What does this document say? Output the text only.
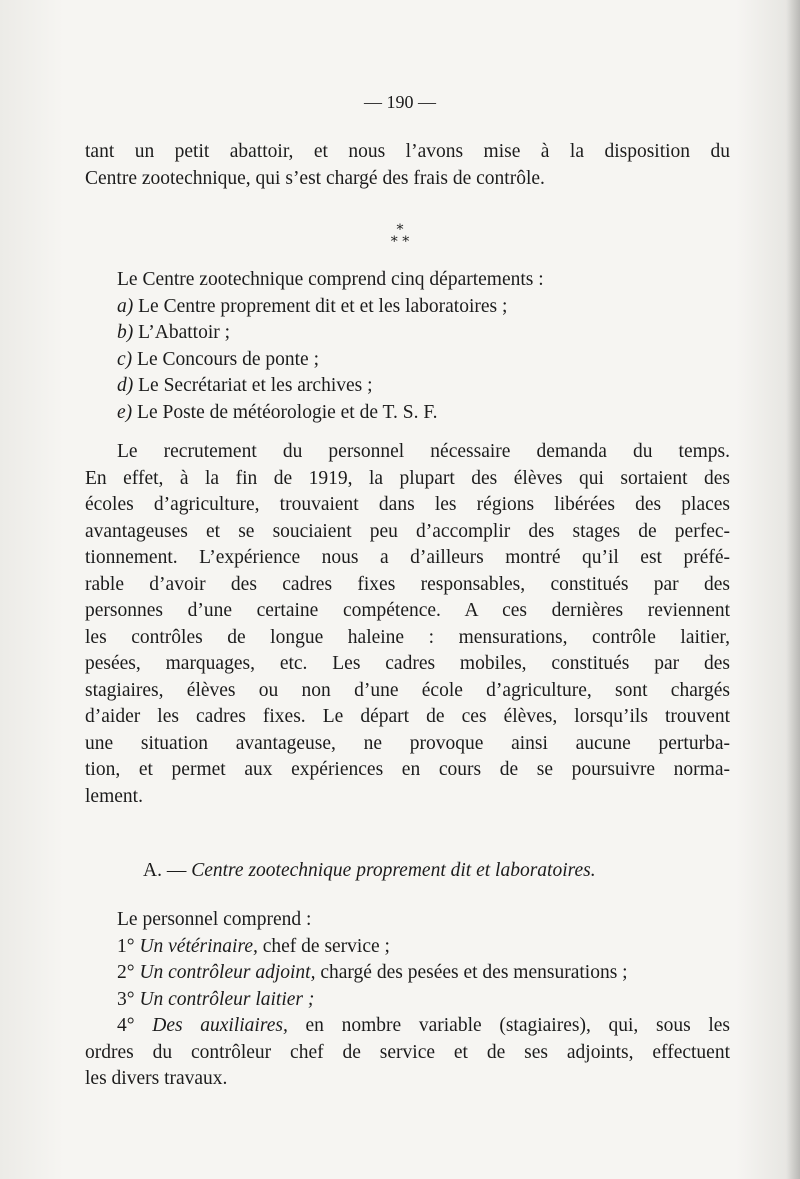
— 190 —
tant un petit abattoir, et nous l’avons mise à la disposition du
Centre zootechnique, qui s’est chargé des frais de contrôle.
*
* *
Le Centre zootechnique comprend cinq départements :
a) Le Centre proprement dit et et les laboratoires ;
b) L’Abattoir ;
c) Le Concours de ponte ;
d) Le Secrétariat et les archives ;
e) Le Poste de météorologie et de T. S. F.
Le recrutement du personnel nécessaire demanda du temps.
En effet, à la fin de 1919, la plupart des élèves qui sortaient des
écoles d’agriculture, trouvaient dans les régions libérées des places
avantageuses et se souciaient peu d’accomplir des stages de perfec-
tionnement. L’expérience nous a d’ailleurs montré qu’il est préfé-
rable d’avoir des cadres fixes responsables, constitués par des
personnes d’une certaine compétence. A ces dernières reviennent
les contrôles de longue haleine : mensurations, contrôle laitier,
pesées, marquages, etc. Les cadres mobiles, constitués par des
stagiaires, élèves ou non d’une école d’agriculture, sont chargés
d’aider les cadres fixes. Le départ de ces élèves, lorsqu’ils trouvent
une situation avantageuse, ne provoque ainsi aucune perturba-
tion, et permet aux expériences en cours de se poursuivre norma-
lement.
A. — Centre zootechnique proprement dit et laboratoires.
Le personnel comprend :
1° Un vétérinaire, chef de service ;
2° Un contrôleur adjoint, chargé des pesées et des mensurations ;
3° Un contrôleur laitier ;
4° Des auxiliaires, en nombre variable (stagiaires), qui, sous les
ordres du contrôleur chef de service et de ses adjoints, effectuent
les divers travaux.
